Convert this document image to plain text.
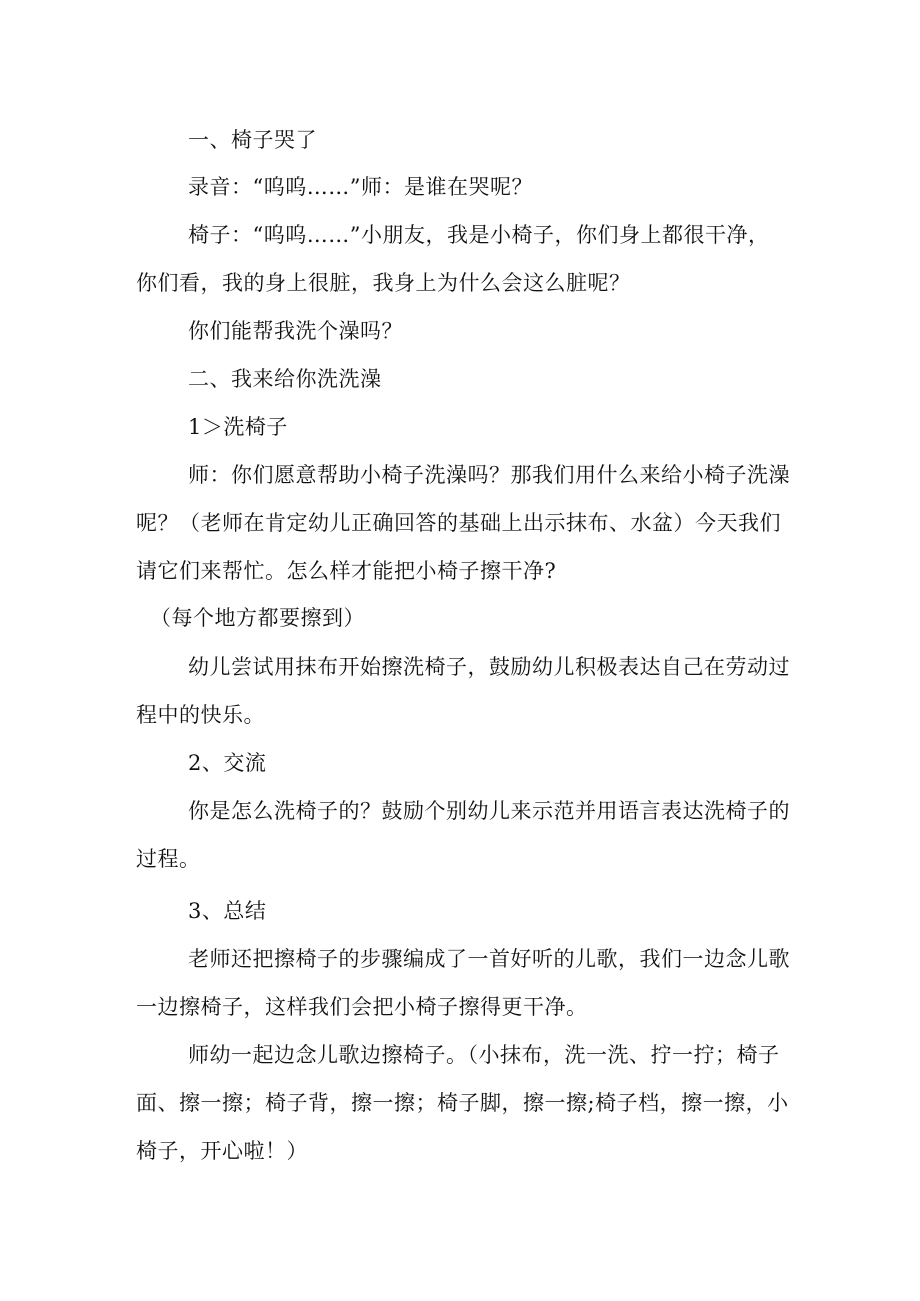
一、椅子哭了
录音：“呜呜……”师：是谁在哭呢？
椅子：“呜呜……”小朋友，我是小椅子，你们身上都很干净，
你们看，我的身上很脏，我身上为什么会这么脏呢？
你们能帮我洗个澡吗？
二、我来给你洗洗澡
1＞洗椅子
师：你们愿意帮助小椅子洗澡吗？那我们用什么来给小椅子洗澡
呢？（老师在肯定幼儿正确回答的基础上出示抹布、水盆）今天我们
请它们来帮忙。怎么样才能把小椅子擦干净?
（每个地方都要擦到）
幼儿尝试用抹布开始擦洗椅子，鼓励幼儿积极表达自己在劳动过
程中的快乐。
2、交流
你是怎么洗椅子的？鼓励个别幼儿来示范并用语言表达洗椅子的
过程。
3、总结
老师还把擦椅子的步骤编成了一首好听的儿歌，我们一边念儿歌
一边擦椅子，这样我们会把小椅子擦得更干净。
师幼一起边念儿歌边擦椅子。（小抹布，洗一洗、拧一拧；椅子
面、擦一擦；椅子背，擦一擦；椅子脚，擦一擦;椅子档，擦一擦，小
椅子，开心啦！）
